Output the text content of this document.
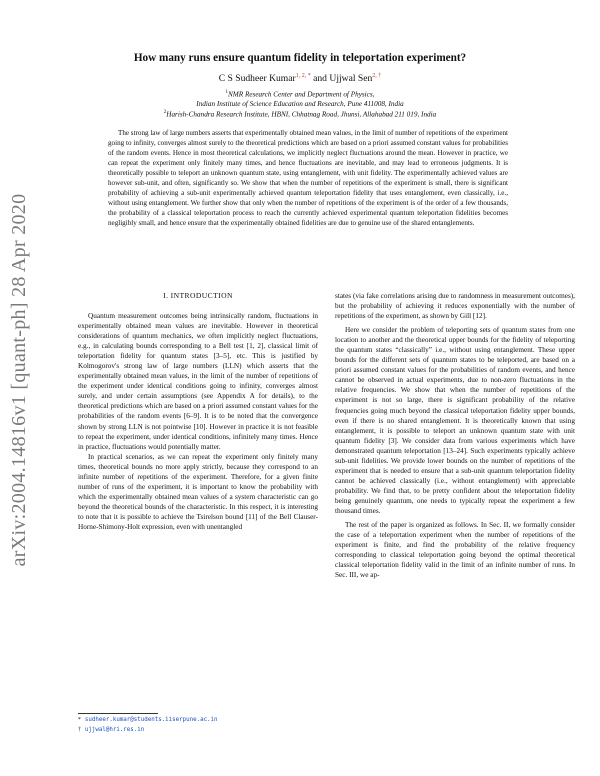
arXiv:2004.14816v1 [quant-ph] 28 Apr 2020
How many runs ensure quantum fidelity in teleportation experiment?
C S Sudheer Kumar$^{1, 2, *}$ and Ujjwal Sen$^{2, \dagger}$
$^1$NMR Research Center and Department of Physics,
Indian Institute of Science Education and Research, Pune 411008, India
$^2$Harish-Chandra Research Institute, HBNI, Chhatnag Road, Jhunsi, Allahabad 211 019, India
The strong law of large numbers asserts that experimentally obtained mean values, in the limit of number of repetitions of the experiment going to infinity, converges almost surely to the theoretical predictions which are based on a priori assumed constant values for probabilities of the random events. Hence in most theoretical calculations, we implicitly neglect fluctuations around the mean. However in practice, we can repeat the experiment only finitely many times, and hence fluctuations are inevitable, and may lead to erroneous judgments. It is theoretically possible to teleport an unknown quantum state, using entanglement, with unit fidelity. The experimentally achieved values are however sub-unit, and often, significantly so. We show that when the number of repetitions of the experiment is small, there is significant probability of achieving a sub-unit experimentally achieved quantum teleportation fidelity that uses entanglement, even classically, i.e., without using entanglement. We further show that only when the number of repetitions of the experiment is of the order of a few thousands, the probability of a classical teleportation process to reach the currently achieved experimental quantum teleportation fidelities becomes negligibly small, and hence ensure that the experimentally obtained fidelities are due to genuine use of the shared entanglements.
I. INTRODUCTION

Quantum measurement outcomes being intrinsically random, fluctuations in experimentally obtained mean values are inevitable. However in theoretical considerations of quantum mechanics, we often implicitly neglect fluctuations, e.g., in calculating bounds corresponding to a Bell test [1, 2], classical limit of teleportation fidelity for quantum states [3–5], etc. This is justified by Kolmogorov's strong law of large numbers (LLN) which asserts that the experimentally obtained mean values, in the limit of the number of repetitions of the experiment under identical conditions going to infinity, converges almost surely, and under certain assumptions (see Appendix A for details), to the theoretical predictions which are based on a priori assumed constant values for the probabilities of the random events [6–9]. It is to be noted that the convergence shown by strong LLN is not pointwise [10]. However in practice it is not feasible to repeat the experiment, under identical conditions, infinitely many times. Hence in practice, fluctuations would potentially matter.

In practical scenarios, as we can repeat the experiment only finitely many times, theoretical bounds no more apply strictly, because they correspond to an infinite number of repetitions of the experiment. Therefore, for a given finite number of runs of the experiment, it is important to know the probability with which the experimentally obtained mean values of a system characteristic can go beyond the theoretical bounds of the characteristic. In this respect, it is interesting to note that it is possible to achieve the Tsirelson bound [11] of the Bell Clauser-Horne-Shimony-Holt expression, even with unentangled

states (via fake correlations arising due to randomness in measurement outcomes), but the probability of achieving it reduces exponentially with the number of repetitions of the experiment, as shown by Gill [12].

Here we consider the problem of teleporting sets of quantum states from one location to another and the theoretical upper bounds for the fidelity of teleporting the quantum states “classically” i.e., without using entanglement. These upper bounds for the different sets of quantum states to be teleported, are based on a priori assumed constant values for the probabilities of random events, and hence cannot be observed in actual experiments, due to non-zero fluctuations in the relative frequencies. We show that when the number of repetitions of the experiment is not so large, there is significant probability of the relative frequencies going much beyond the classical teleportation fidelity upper bounds, even if there is no shared entanglement. It is theoretically known that using entanglement, it is possible to teleport an unknown quantum state with unit quantum fidelity [3]. We consider data from various experiments which have demonstrated quantum teleportation [13–24]. Such experiments typically achieve sub-unit fidelities. We provide lower bounds on the number of repetitions of the experiment that is needed to ensure that a sub-unit quantum teleportation fidelity cannot be achieved classically (i.e., without entanglement) with appreciable probability. We find that, to be pretty confident about the teleportation fidelity being genuinely quantum, one needs to typically repeat the experiment a few thousand times.

The rest of the paper is organized as follows. In Sec. II, we formally consider the case of a teleportation experiment when the number of repetitions of the experiment is finite, and find the probability of the relative frequency corresponding to classical teleportation going beyond the optimal theoretical classical teleportation fidelity valid in the limit of an infinite number of runs. In Sec. III, we ap-

* sudheer.kumar@students.iiserpune.ac.in
† ujjwal@hri.res.in
